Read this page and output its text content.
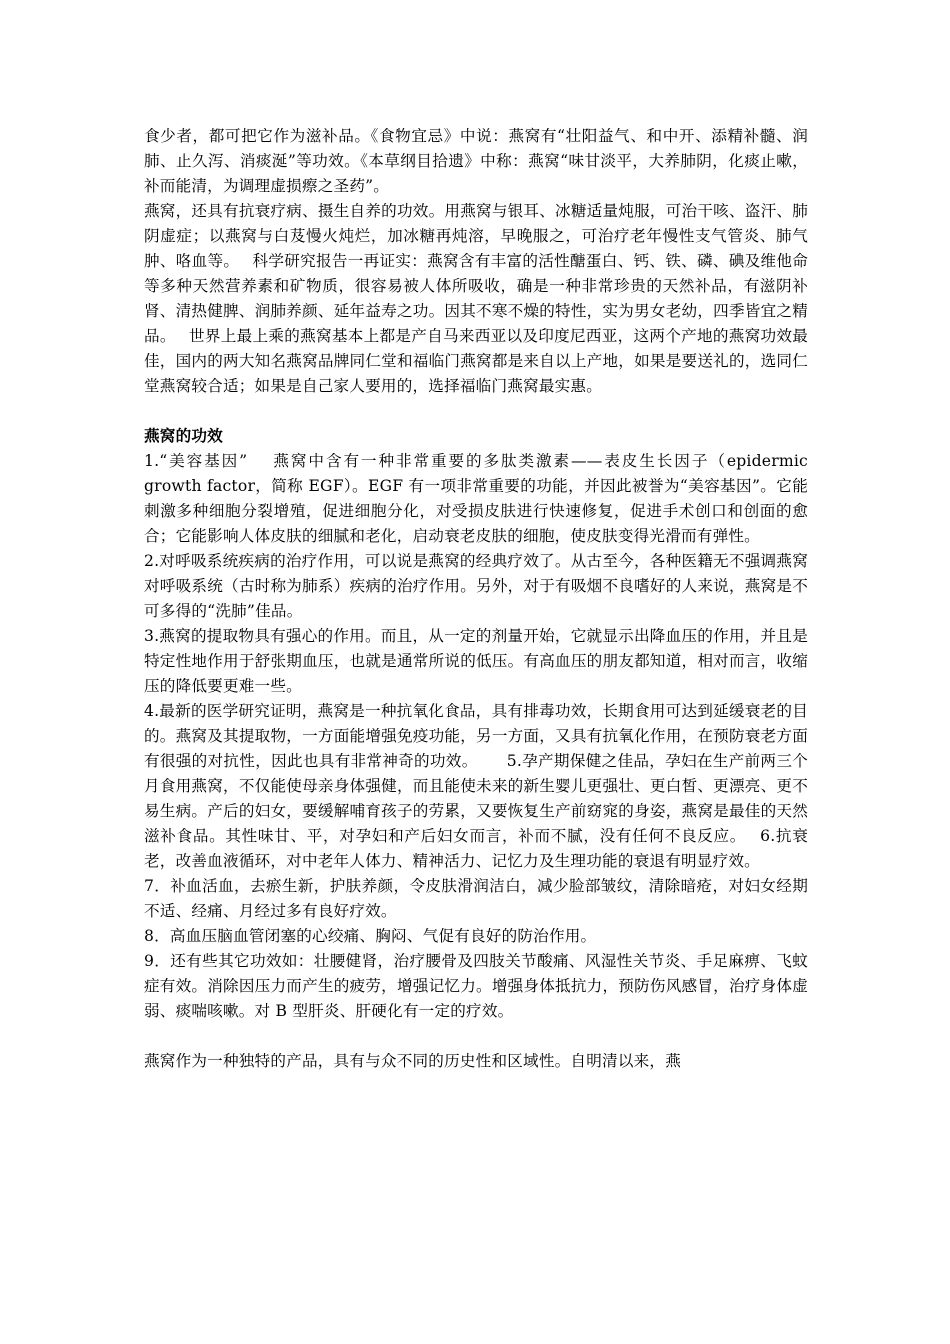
食少者，都可把它作为滋补品。《食物宜忌》中说：燕窝有“壮阳益气、和中开、添精补髓、润肺、止久泻、消痰涎”等功效。《本草纲目拾遗》中称：燕窝“味甘淡平，大养肺阴，化痰止嗽，补而能清，为调理虚损瘵之圣药”。

燕窝，还具有抗衰疗病、摄生自养的功效。用燕窝与银耳、冰糖适量炖服，可治干咳、盗汗、肺阴虚症；以燕窝与白芨慢火炖烂，加冰糖再炖溶，早晚服之，可治疗老年慢性支气管炎、肺气肿、咯血等。　 科学研究报告一再证实：燕窝含有丰富的活性醣蛋白、钙、铁、磷、碘及维他命等多种天然营养素和矿物质，很容易被人体所吸收，确是一种非常珍贵的天然补品，有滋阴补肾、清热健脾、润肺养颜、延年益寿之功。因其不寒不燥的特性，实为男女老幼，四季皆宜之精品。　 世界上最上乘的燕窝基本上都是产自马来西亚以及印度尼西亚，这两个产地的燕窝功效最佳，国内的两大知名燕窝品牌同仁堂和福临门燕窝都是来自以上产地，如果是要送礼的，选同仁堂燕窝较合适；如果是自己家人要用的，选择福临门燕窝最实惠。

燕窝的功效

1.“美容基因”　 燕窝中含有一种非常重要的多肽类激素——表皮生长因子（epidermic growth factor，简称 EGF）。EGF 有一项非常重要的功能，并因此被誉为“美容基因”。它能刺激多种细胞分裂增殖，促进细胞分化，对受损皮肤进行快速修复，促进手术创口和创面的愈合；它能影响人体皮肤的细腻和老化，启动衰老皮肤的细胞，使皮肤变得光滑而有弹性。

2.对呼吸系统疾病的治疗作用，可以说是燕窝的经典疗效了。从古至今，各种医籍无不强调燕窝对呼吸系统（古时称为肺系）疾病的治疗作用。另外，对于有吸烟不良嗜好的人来说，燕窝是不可多得的“洗肺”佳品。

3.燕窝的提取物具有强心的作用。而且，从一定的剂量开始，它就显示出降血压的作用，并且是特定性地作用于舒张期血压，也就是通常所说的低压。有高血压的朋友都知道，相对而言，收缩压的降低要更难一些。

4.最新的医学研究证明，燕窝是一种抗氧化食品，具有排毒功效，长期食用可达到延缓衰老的目的。燕窝及其提取物，一方面能增强免疫功能，另一方面，又具有抗氧化作用，在预防衰老方面有很强的对抗性，因此也具有非常神奇的功效。　　 5.孕产期保健之佳品，孕妇在生产前两三个月食用燕窝，不仅能使母亲身体强健，而且能使未来的新生婴儿更强壮、更白皙、更漂亮、更不易生病。产后的妇女，要缓解哺育孩子的劳累，又要恢复生产前窈窕的身姿，燕窝是最佳的天然滋补食品。其性味甘、平，对孕妇和产后妇女而言，补而不腻，没有任何不良反应。　 6.抗衰老，改善血液循环，对中老年人体力、精神活力、记忆力及生理功能的衰退有明显疗效。

7．补血活血，去瘀生新，护肤养颜，令皮肤滑润洁白，减少脸部皱纹，清除暗疮，对妇女经期不适、经痛、月经过多有良好疗效。

8．高血压脑血管闭塞的心绞痛、胸闷、气促有良好的防治作用。

9．还有些其它功效如：壮腰健肾，治疗腰骨及四肢关节酸痛、风湿性关节炎、手足麻痹、飞蚊症有效。消除因压力而产生的疲劳，增强记忆力。增强身体抵抗力，预防伤风感冒，治疗身体虚弱、痰喘咳嗽。对 B 型肝炎、肝硬化有一定的疗效。

燕窝作为一种独特的产品，具有与众不同的历史性和区域性。自明清以来，燕
